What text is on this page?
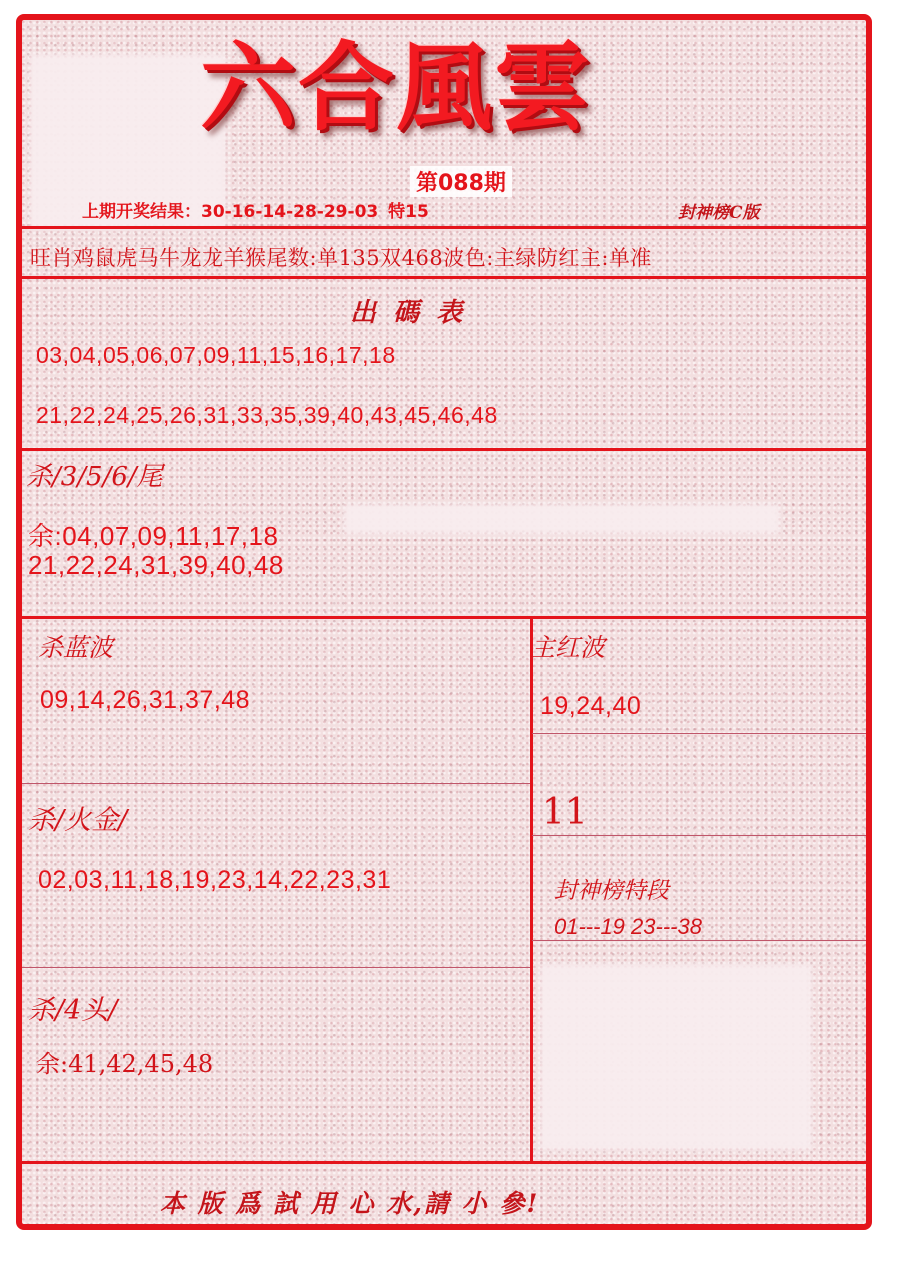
六合風雲
第088期
上期开奖结果：30-16-14-28-29-03 特15	封神榜C版
旺肖鸡鼠虎马牛龙龙羊猴尾数:单135双468波色:主绿防红主:单准
出 碼 表
03,04,05,06,07,09,11,15,16,17,18
21,22,24,25,26,31,33,35,39,40,43,45,46,48
杀/3/5/6/尾
余:04,07,09,11,17,18
21,22,24,31,39,40,48
杀蓝波
09,14,26,31,37,48
杀/火金/
02,03,11,18,19,23,14,22,23,31
杀/4头/
余:41,42,45,48
主红波
19,24,40
11
封神榜特段
01---19 23---38
本 版 爲 試 用 心 水,請 小 參!
